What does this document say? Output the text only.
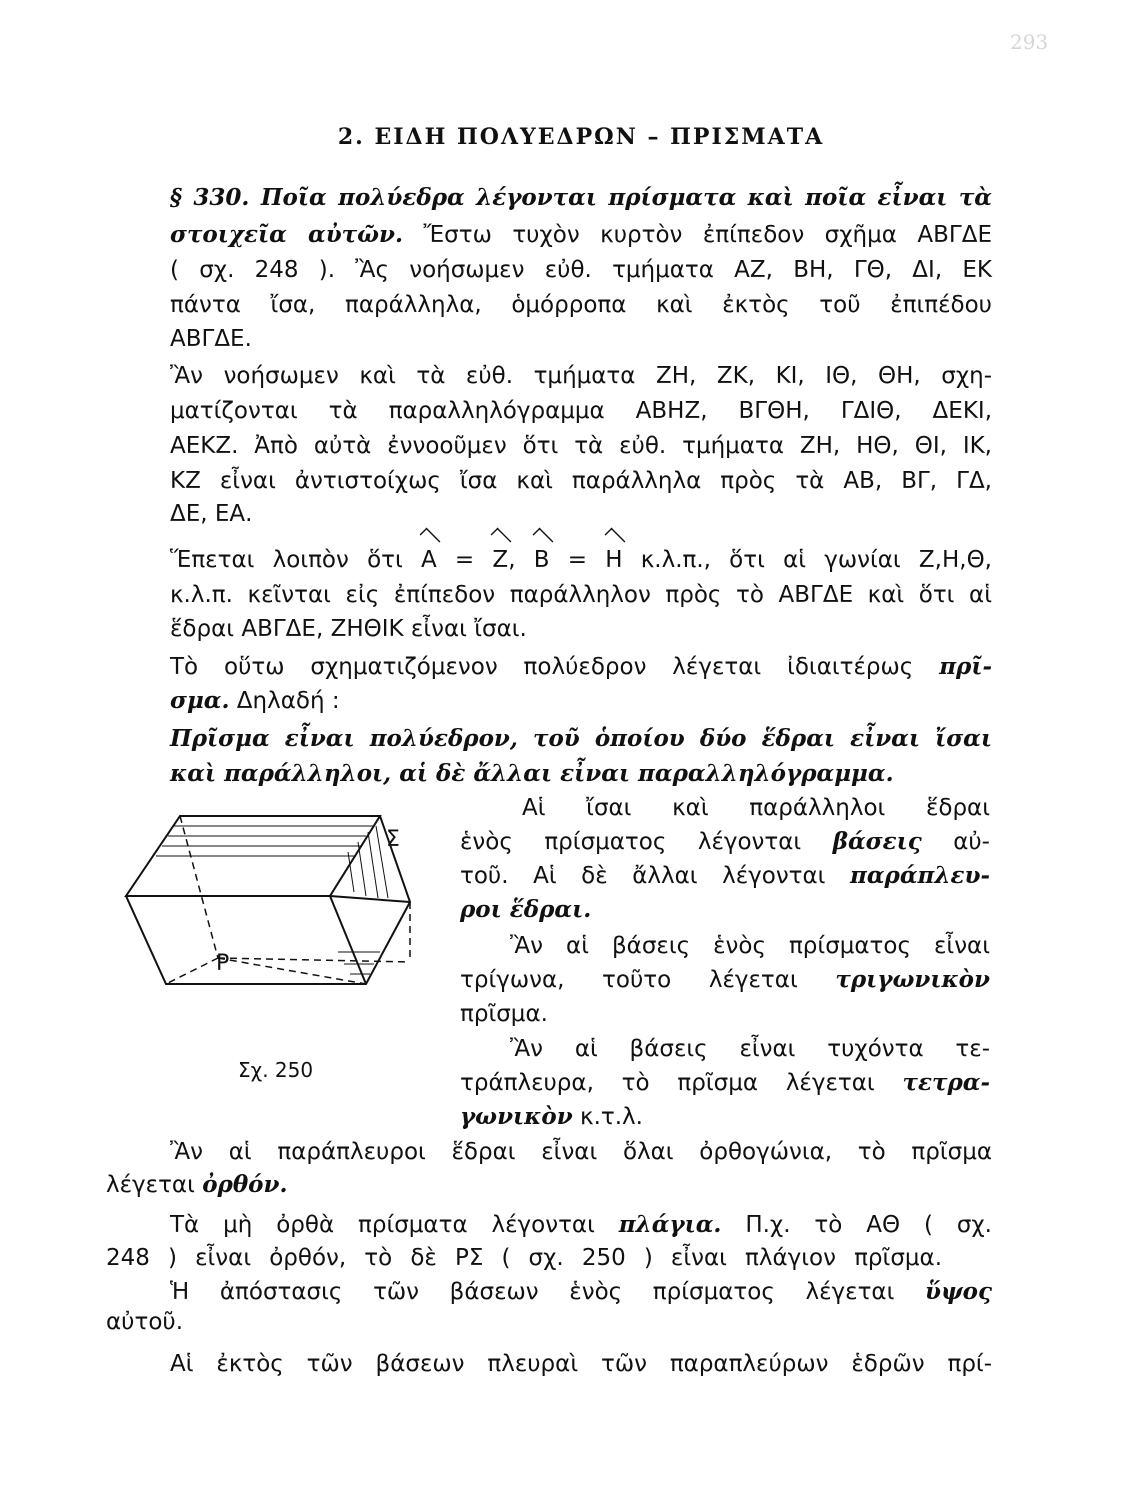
293
2. ΕΙΔΗ ΠΟΛΥΕΔΡΩΝ – ΠΡΙΣΜΑΤΑ
§ 330. Ποῖα πολύεδρα λέγονται πρίσματα καὶ ποῖα εἶναι τὰ
στοιχεῖα αὐτῶν. Ἔστω τυχὸν κυρτὸν ἐπίπεδον σχῆμα ΑΒΓΔΕ
( σχ. 248 ). Ἂς νοήσωμεν εὐθ. τμήματα ΑΖ, ΒΗ, ΓΘ, ΔΙ, ΕΚ
πάντα ἴσα, παράλληλα, ὁμόρροπα καὶ ἐκτὸς τοῦ ἐπιπέδου
ΑΒΓΔΕ.
Ἂν νοήσωμεν καὶ τὰ εὐθ. τμήματα ΖΗ, ΖΚ, ΚΙ, ΙΘ, ΘΗ, σχη-
ματίζονται τὰ παραλληλόγραμμα ΑΒΗΖ, ΒΓΘΗ, ΓΔΙΘ, ΔΕΚΙ,
ΑΕΚΖ. Ἀπὸ αὐτὰ ἐννοοῦμεν ὅτι τὰ εὐθ. τμήματα ΖΗ, ΗΘ, ΘΙ, ΙΚ,
ΚΖ εἶναι ἀντιστοίχως ἴσα καὶ παράλληλα πρὸς τὰ ΑΒ, ΒΓ, ΓΔ,
ΔΕ, ΕΑ.
Ἕπεται λοιπὸν ὅτι Α = Ζ, Β = Η κ.λ.π., ὅτι αἱ γωνίαι Ζ,Η,Θ,
κ.λ.π. κεῖνται εἰς ἐπίπεδον παράλληλον πρὸς τὸ ΑΒΓΔΕ καὶ ὅτι αἱ
ἕδραι ΑΒΓΔΕ, ΖΗΘΙΚ εἶναι ἴσαι.
Τὸ οὕτω σχηματιζόμενον πολύεδρον λέγεται ἰδιαιτέρως πρῖ-
σμα. Δηλαδή :
Πρῖσμα εἶναι πολύεδρον, τοῦ ὁποίου δύο ἕδραι εἶναι ἴσαι
καὶ παράλληλοι, αἱ δὲ ἄλλαι εἶναι παραλληλόγραμμα.
Αἱ ἴσαι καὶ παράλληλοι ἕδραι
ἑνὸς πρίσματος λέγονται βάσεις αὐ-
τοῦ. Αἱ δὲ ἄλλαι λέγονται παράπλευ-
ροι ἕδραι.
Ἂν αἱ βάσεις ἑνὸς πρίσματος εἶναι
τρίγωνα, τοῦτο λέγεται τριγωνικὸν
πρῖσμα.
Ἂν αἱ βάσεις εἶναι τυχόντα τε-
τράπλευρα, τὸ πρῖσμα λέγεται τετρα-
γωνικὸν κ.τ.λ.
Σ
Ρ
Σχ. 250
Ἂν αἱ παράπλευροι ἕδραι εἶναι ὅλαι ὀρθογώνια, τὸ πρῖσμα
λέγεται ὀρθόν.
Τὰ μὴ ὀρθὰ πρίσματα λέγονται πλάγια. Π.χ. τὸ ΑΘ ( σχ.
248 ) εἶναι ὀρθόν, τὸ δὲ ΡΣ ( σχ. 250 ) εἶναι πλάγιον πρῖσμα.
Ἡ ἀπόστασις τῶν βάσεων ἑνὸς πρίσματος λέγεται ὕψος
αὐτοῦ.
Αἱ ἐκτὸς τῶν βάσεων πλευραὶ τῶν παραπλεύρων ἑδρῶν πρί-
